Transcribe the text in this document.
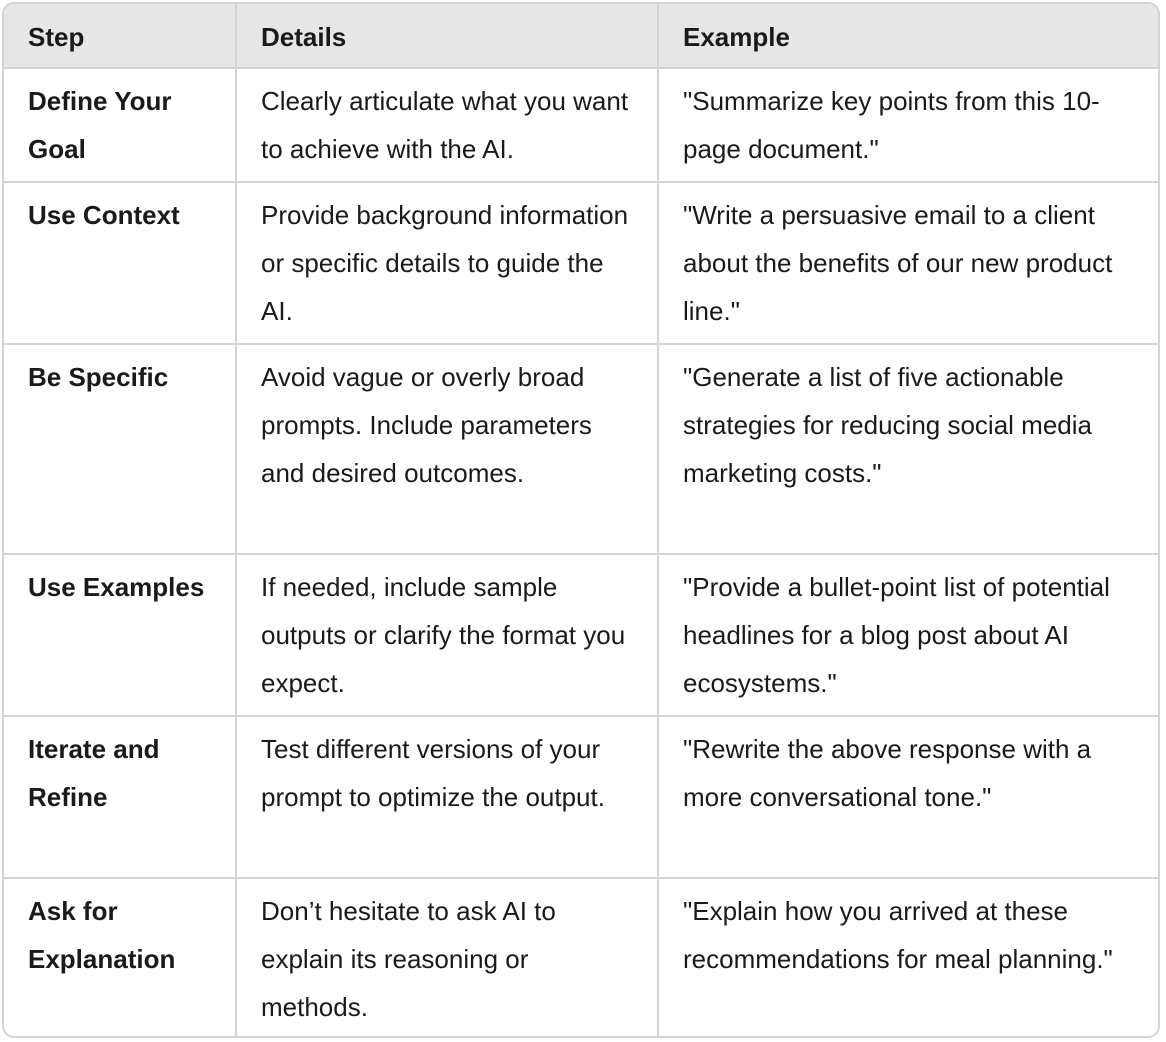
Step	Details	Example
Define Your Goal	Clearly articulate what you want to achieve with the AI.	"Summarize key points from this 10-page document."
Use Context	Provide background information or specific details to guide the AI.	"Write a persuasive email to a client about the benefits of our new product line."
Be Specific	Avoid vague or overly broad prompts. Include parameters and desired outcomes.	"Generate a list of five actionable strategies for reducing social media marketing costs."
Use Examples	If needed, include sample outputs or clarify the format you expect.	"Provide a bullet-point list of potential headlines for a blog post about AI ecosystems."
Iterate and Refine	Test different versions of your prompt to optimize the output.	"Rewrite the above response with a more conversational tone."
Ask for Explanation	Don’t hesitate to ask AI to explain its reasoning or methods.	"Explain how you arrived at these recommendations for meal planning."
